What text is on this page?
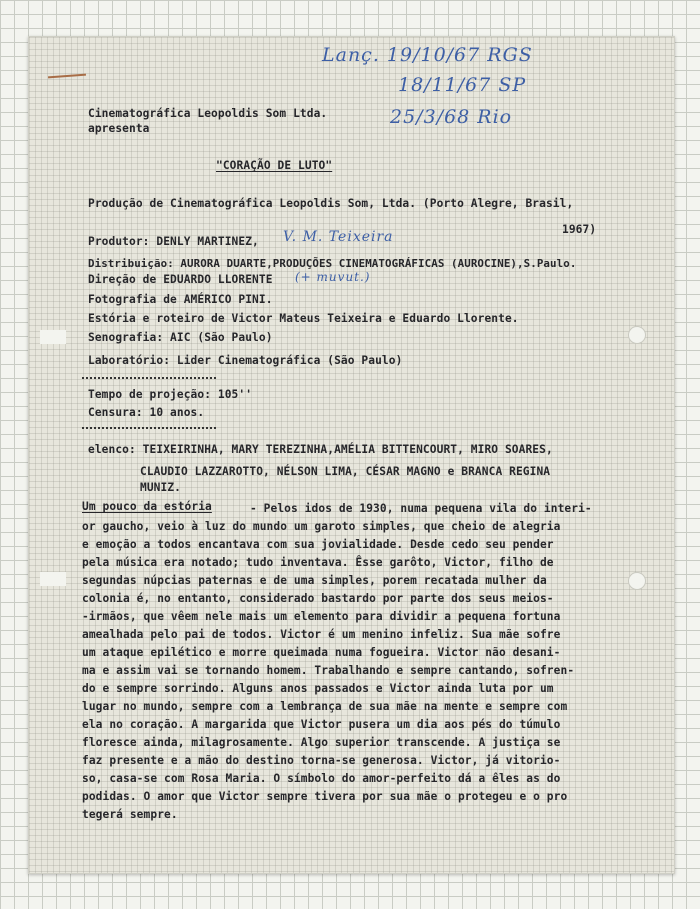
Lanç. 19/10/67 RGS
18/11/67 SP
25/3/68 Rio
V. M. Teixeira
(+ muvut.)
Cinematográfica Leopoldis Som Ltda.
apresenta
"CORAÇÃO DE LUTO"
Produção de Cinematográfica Leopoldis Som, Ltda. (Porto Alegre, Brasil,
1967)
Produtor: DENLY MARTINEZ,
Distribuição: AURORA DUARTE,PRODUÇÕES CINEMATOGRÁFICAS (AUROCINE),S.Paulo.
Direção de EDUARDO LLORENTE
Fotografia de AMÉRICO PINI.
Estória e roteiro de Victor Mateus Teixeira e Eduardo Llorente.
Senografia: AIC (São Paulo)
Laboratório: Lider Cinematográfica (São Paulo)
Tempo de projeção: 105''
Censura: 10 anos.
elenco: TEIXEIRINHA, MARY TEREZINHA,AMÉLIA BITTENCOURT, MIRO SOARES,
CLAUDIO LAZZAROTTO, NÉLSON LIMA, CÉSAR MAGNO e BRANCA REGINA
MUNIZ.
Um pouco da estória	- Pelos idos de 1930, numa pequena vila do interi-
or gaucho, veio à luz do mundo um garoto simples, que cheio de alegria
e emoção a todos encantava com sua jovialidade. Desde cedo seu pender
pela música era notado; tudo inventava. Êsse garôto, Victor, filho de
segundas núpcias paternas e de uma simples, porem recatada mulher da
colonia é, no entanto, considerado bastardo por parte dos seus meios-
-irmãos, que vêem nele mais um elemento para dividir a pequena fortuna
amealhada pelo pai de todos. Victor é um menino infeliz. Sua mãe sofre
um ataque epilético e morre queimada numa fogueira. Victor não desani-
ma e assim vai se tornando homem. Trabalhando e sempre cantando, sofren-
do e sempre sorrindo. Alguns anos passados e Victor ainda luta por um
lugar no mundo, sempre com a lembrança de sua mãe na mente e sempre com
ela no coração. A margarida que Victor pusera um dia aos pés do túmulo
floresce ainda, milagrosamente. Algo superior transcende. A justiça se
faz presente e a mão do destino torna-se generosa. Victor, já vitorio-
so, casa-se com Rosa Maria. O símbolo do amor-perfeito dá a êles as do
podidas. O amor que Victor sempre tivera por sua mãe o protegeu e o pro
tegerá sempre.
